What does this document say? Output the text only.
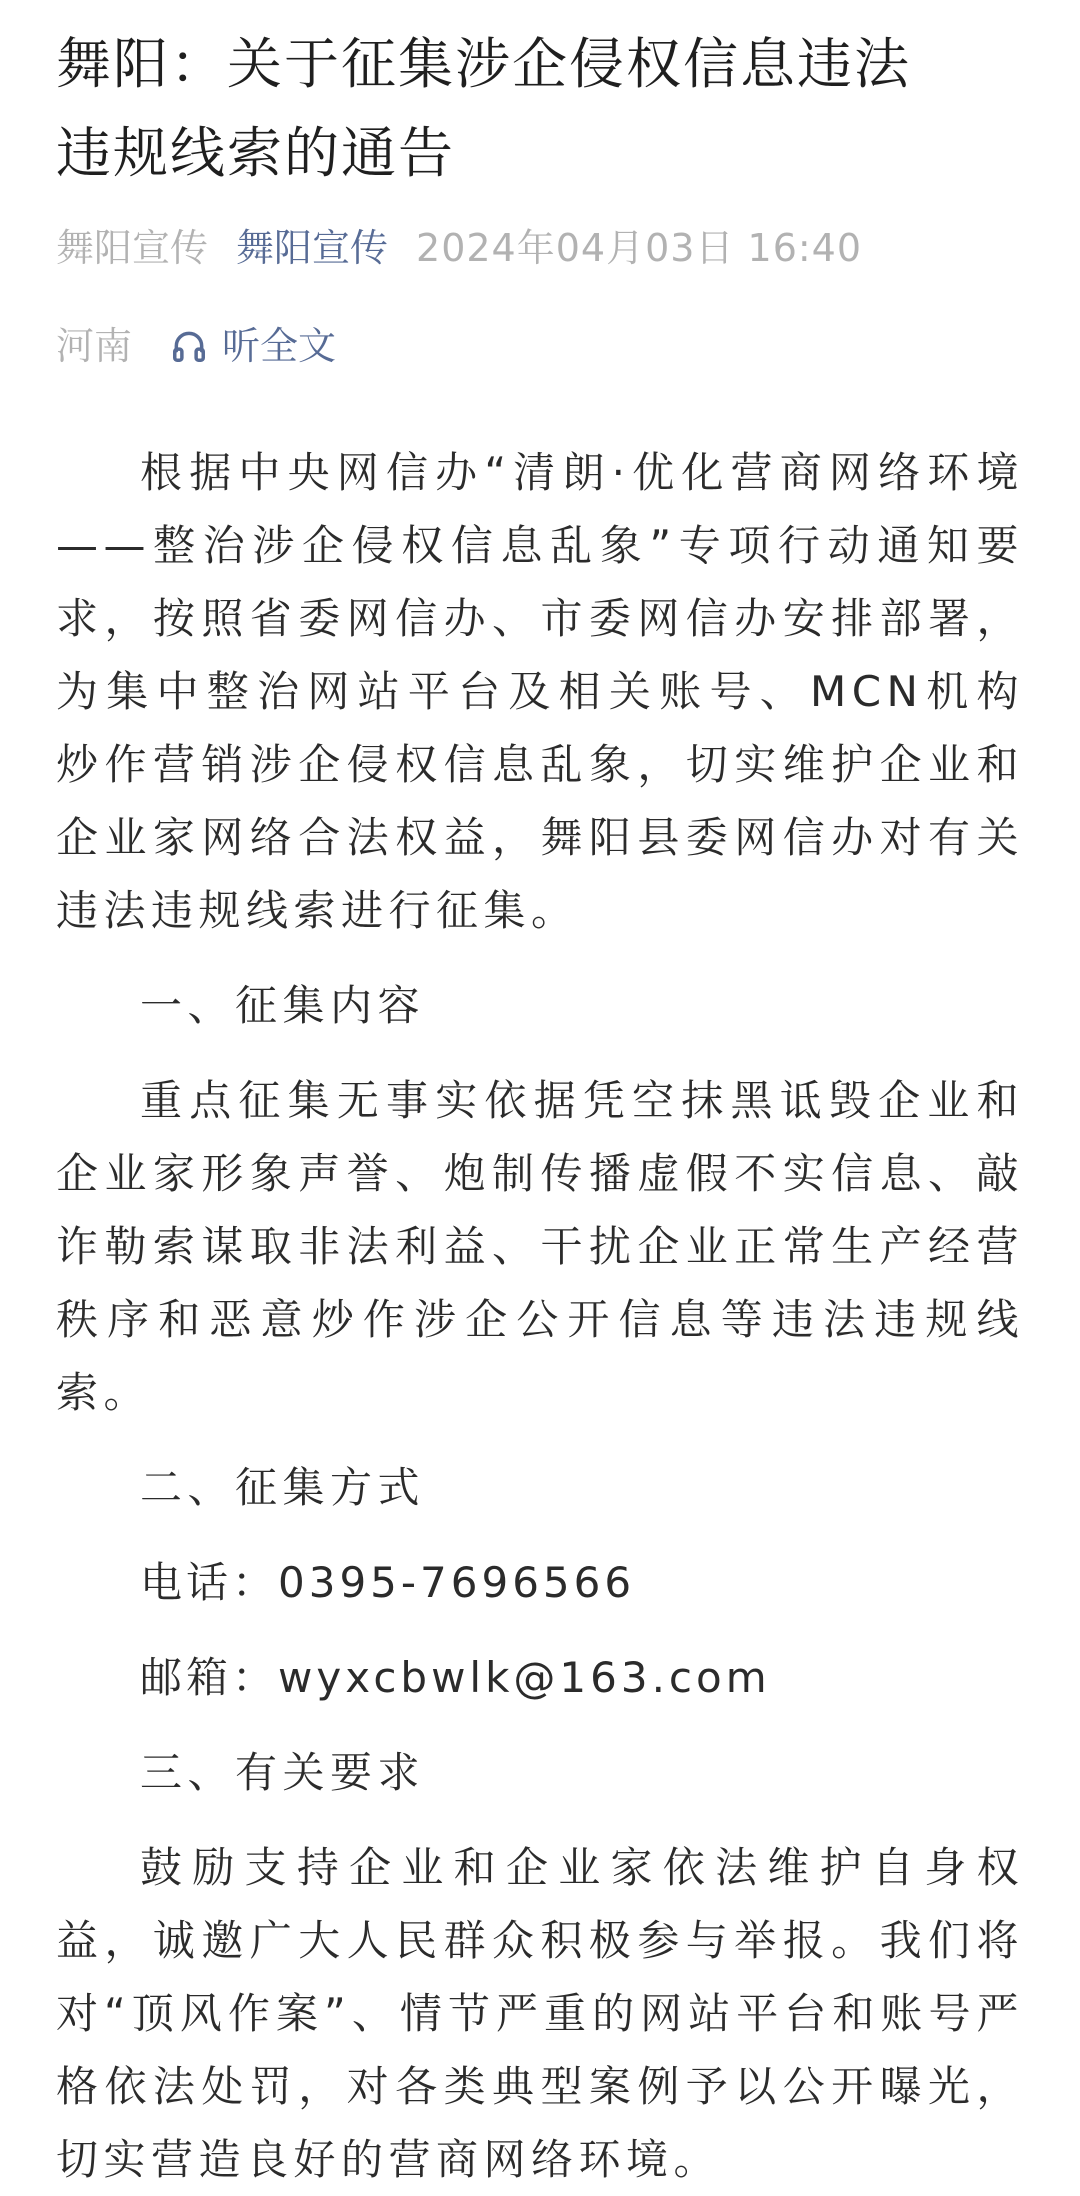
舞阳：关于征集涉企侵权信息违法
违规线索的通告
舞阳宣传 舞阳宣传 2024年04月03日 16:40
河南 听全文

根据中央网信办“清朗·优化营商网络环境——整治涉企侵权信息乱象”专项行动通知要求，按照省委网信办、市委网信办安排部署，为集中整治网站平台及相关账号、MCN机构炒作营销涉企侵权信息乱象，切实维护企业和企业家网络合法权益，舞阳县委网信办对有关违法违规线索进行征集。

一、征集内容

重点征集无事实依据凭空抹黑诋毁企业和企业家形象声誉、炮制传播虚假不实信息、敲诈勒索谋取非法利益、干扰企业正常生产经营秩序和恶意炒作涉企公开信息等违法违规线索。

二、征集方式

电话：0395-7696566

邮箱：wyxcbwlk@163.com

三、有关要求

鼓励支持企业和企业家依法维护自身权益，诚邀广大人民群众积极参与举报。我们将对“顶风作案”、情节严重的网站平台和账号严格依法处罚，对各类典型案例予以公开曝光，切实营造良好的营商网络环境。
